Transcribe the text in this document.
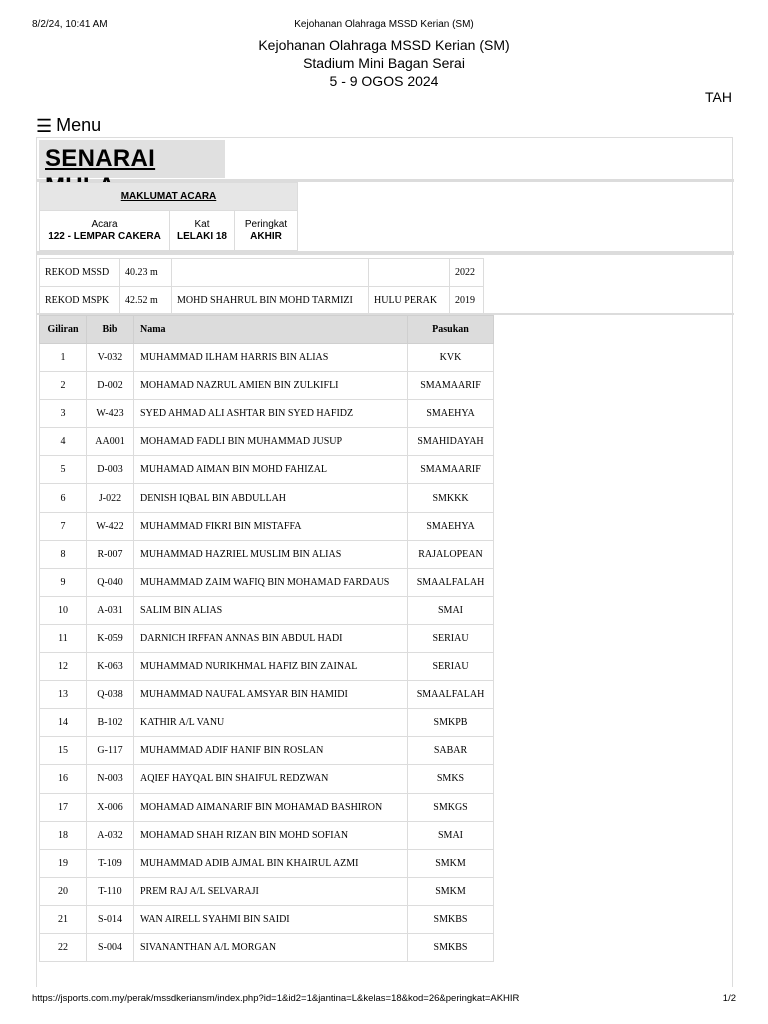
8/2/24, 10:41 AM	Kejohanan Olahraga MSSD Kerian (SM)
Kejohanan Olahraga MSSD Kerian (SM)
Stadium Mini Bagan Serai
5 - 9 OGOS 2024
TAH
☰ Menu
SENARAI
MAKLUMAT ACARA
Acara
122 - LEMPAR CAKERA
	Kat
LELAKI 18
	Peringkat
AKHIR
REKOD MSSD	40.23 m			2022
REKOD MSPK	42.52 m	MOHD SHAHRUL BIN MOHD TARMIZI	HULU PERAK	2019
Giliran	Bib	Nama	Pasukan
1	V-032	MUHAMMAD ILHAM HARRIS BIN ALIAS	KVK
2	D-002	MOHAMAD NAZRUL AMIEN BIN ZULKIFLI	SMAMAARIF
3	W-423	SYED AHMAD ALI ASHTAR BIN SYED HAFIDZ	SMAEHYA
4	AA001	MOHAMAD FADLI BIN MUHAMMAD JUSUP	SMAHIDAYAH
5	D-003	MUHAMAD AIMAN BIN MOHD FAHIZAL	SMAMAARIF
6	J-022	DENISH IQBAL BIN ABDULLAH	SMKKK
7	W-422	MUHAMMAD FIKRI BIN MISTAFFA	SMAEHYA
8	R-007	MUHAMMAD HAZRIEL MUSLIM BIN ALIAS	RAJALOPEAN
9	Q-040	MUHAMMAD ZAIM WAFIQ BIN MOHAMAD FARDAUS	SMAALFALAH
10	A-031	SALIM BIN ALIAS	SMAI
11	K-059	DARNICH IRFFAN ANNAS BIN ABDUL HADI	SERIAU
12	K-063	MUHAMMAD NURIKHMAL HAFIZ BIN ZAINAL	SERIAU
13	Q-038	MUHAMMAD NAUFAL AMSYAR BIN HAMIDI	SMAALFALAH
14	B-102	KATHIR A/L VANU	SMKPB
15	G-117	MUHAMMAD ADIF HANIF BIN ROSLAN	SABAR
16	N-003	AQIEF HAYQAL BIN SHAIFUL REDZWAN	SMKS
17	X-006	MOHAMAD AIMANARIF BIN MOHAMAD BASHIRON	SMKGS
18	A-032	MOHAMAD SHAH RIZAN BIN MOHD SOFIAN	SMAI
19	T-109	MUHAMMAD ADIB AJMAL BIN KHAIRUL AZMI	SMKM
20	T-110	PREM RAJ A/L SELVARAJI	SMKM
21	S-014	WAN AIRELL SYAHMI BIN SAIDI	SMKBS
22	S-004	SIVANANTHAN A/L MORGAN	SMKBS
https://jsports.com.my/perak/mssdkeriansm/index.php?id=1&id2=1&jantina=L&kelas=18&kod=26&peringkat=AKHIR	1/2
